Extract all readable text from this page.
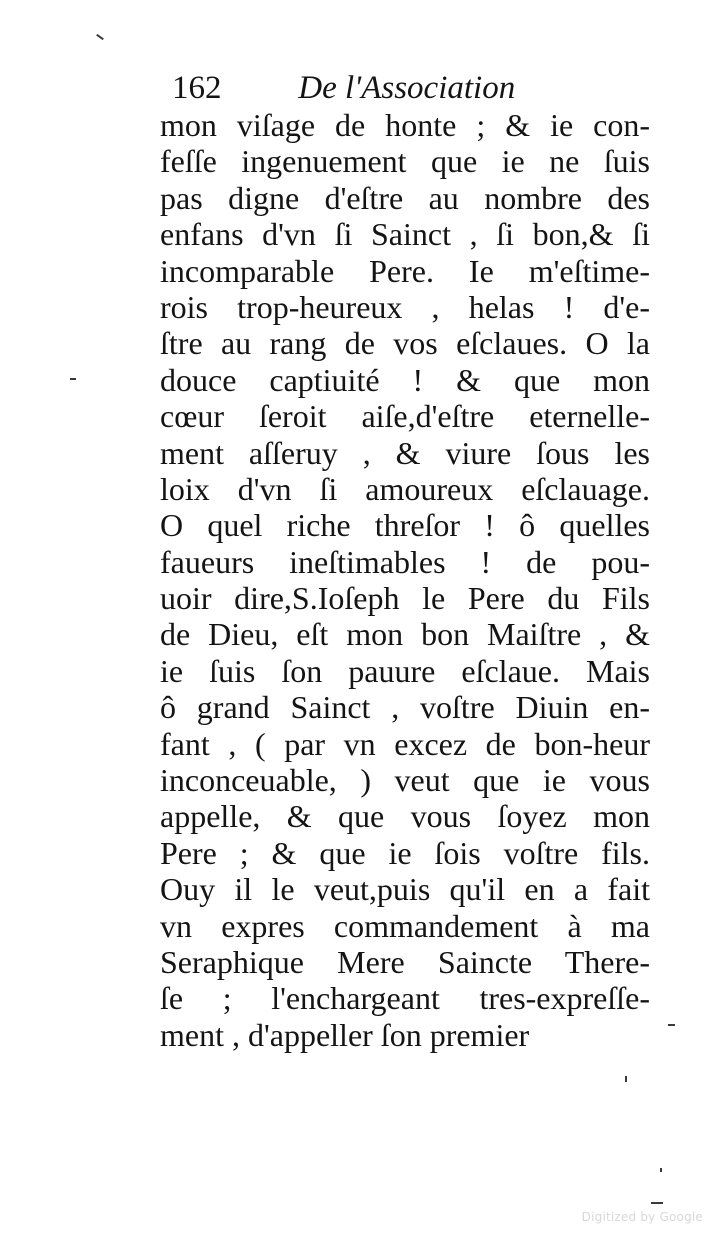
162 De l'Association
mon viſage de honte ; & ie con-
feſſe ingenuement que ie ne ſuis
pas digne d'eſtre au nombre des
enfans d'vn ſi Sainct , ſi bon,& ſi
incomparable Pere. Ie m'eſtime-
rois trop-heureux , helas ! d'e-
ſtre au rang de vos eſclaues. O la
douce captiuité ! & que mon
cœur ſeroit aiſe,d'eſtre eternelle-
ment aſſeruy , & viure ſous les
loix d'vn ſi amoureux eſclauage.
O quel riche threſor ! ô quelles
faueurs ineſtimables ! de pou-
uoir dire,S.Ioſeph le Pere du Fils
de Dieu, eſt mon bon Maiſtre , &
ie ſuis ſon pauure eſclaue. Mais
ô grand Sainct , voſtre Diuin en-
fant , ( par vn excez de bon-heur
inconceuable, ) veut que ie vous
appelle, & que vous ſoyez mon
Pere ; & que ie ſois voſtre fils.
Ouy il le veut,puis qu'il en a fait
vn expres commandement à ma
Seraphique Mere Saincte There-
ſe ; l'enchargeant tres-expreſſe-
ment , d'appeller ſon premier
Digitized by Google
